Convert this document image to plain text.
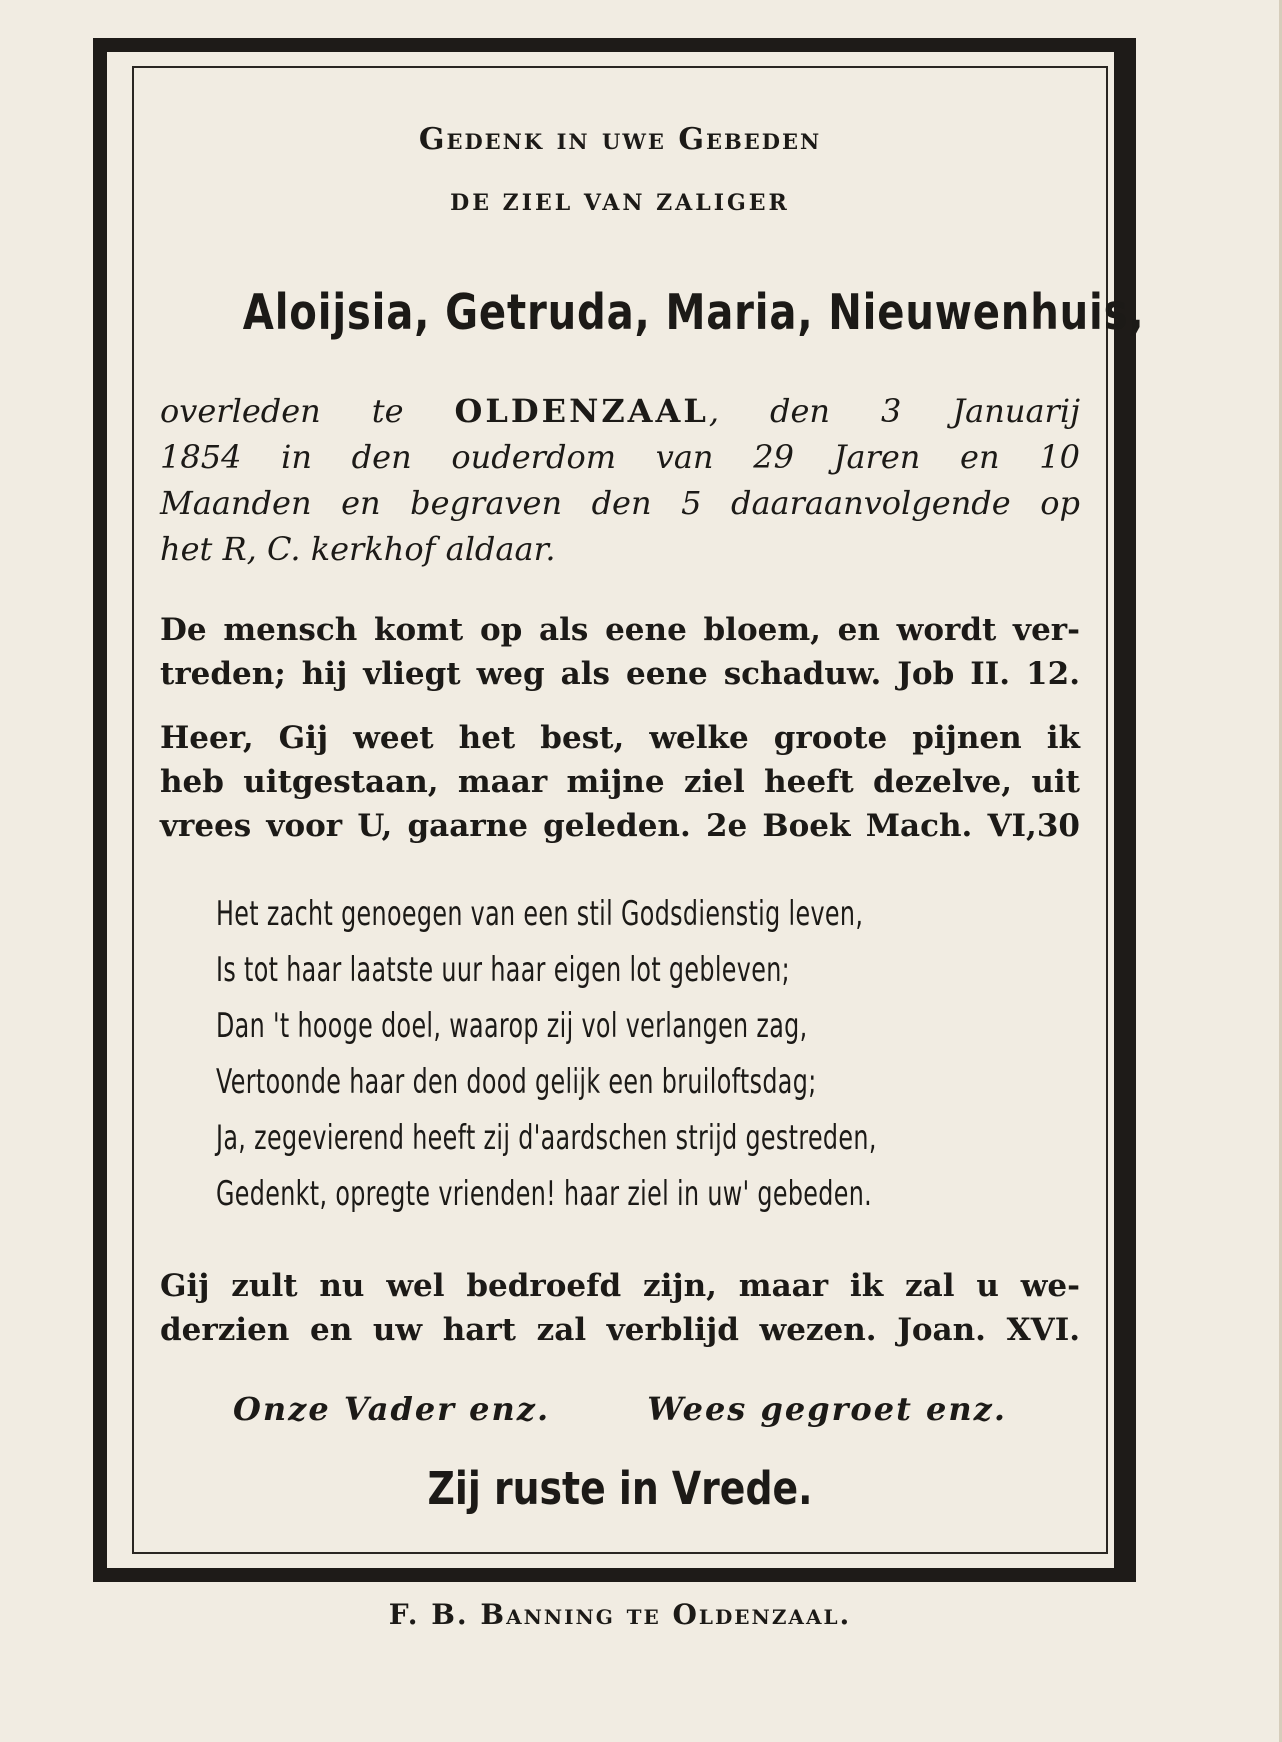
Gedenk in uwe Gebeden
DE ZIEL VAN ZALIGER
Aloijsia, Getruda, Maria, Nieuwenhuis,
overleden te OLDENZAAL, den 3 Januarij
1854 in den ouderdom van 29 Jaren en 10
Maanden en begraven den 5 daaraanvolgende op
het R, C. kerkhof aldaar.
De mensch komt op als eene bloem, en wordt ver-
treden; hij vliegt weg als eene schaduw. Job II. 12.
Heer, Gij weet het best, welke groote pijnen ik
heb uitgestaan, maar mijne ziel heeft dezelve, uit
vrees voor U, gaarne geleden. 2e Boek Mach. VI,30
Het zacht genoegen van een stil Godsdienstig leven,
Is tot haar laatste uur haar eigen lot gebleven;
Dan 't hooge doel, waarop zij vol verlangen zag,
Vertoonde haar den dood gelijk een bruiloftsdag;
Ja, zegevierend heeft zij d'aardschen strijd gestreden,
Gedenkt, opregte vrienden! haar ziel in uw' gebeden.
Gij zult nu wel bedroefd zijn, maar ik zal u we-
derzien en uw hart zal verblijd wezen. Joan. XVI.
Onze Vader enz.	Wees gegroet enz.
Zij ruste in Vrede.
F. B. Banning te Oldenzaal.
